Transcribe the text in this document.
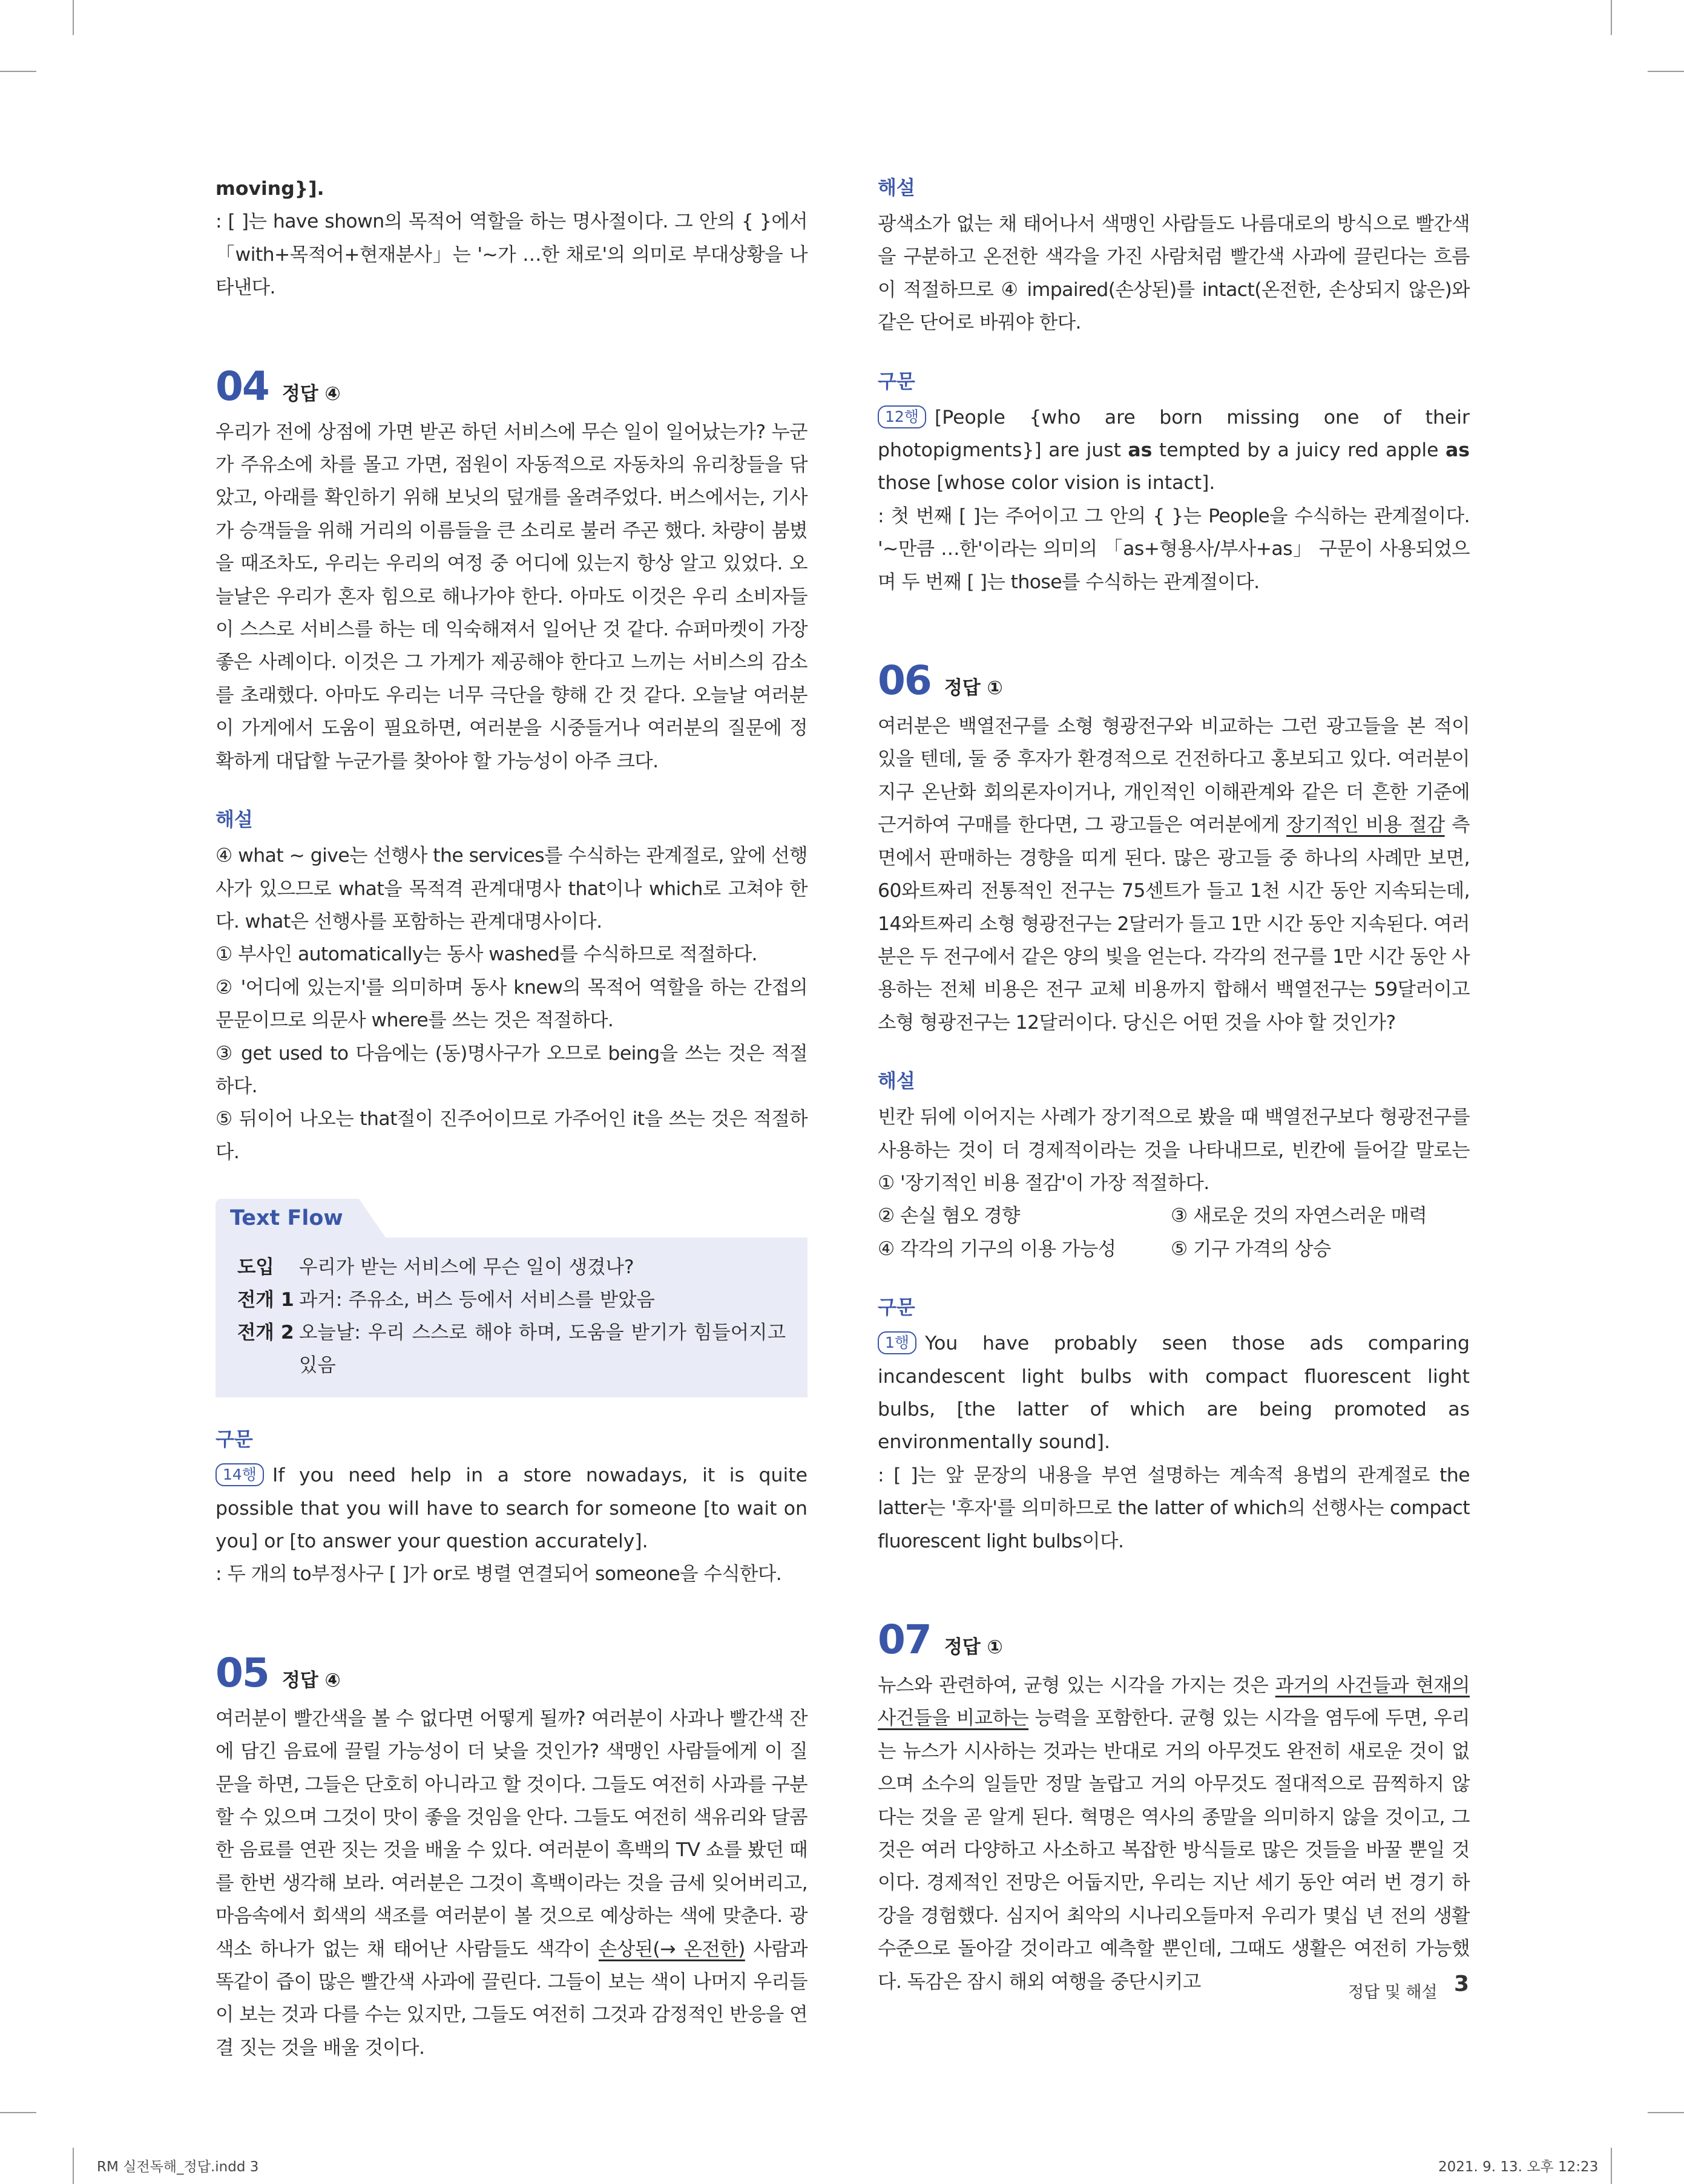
moving}].

: [ ]는 have shown의 목적어 역할을 하는 명사절이다. 그 안의 { }에서 「with+목적어+현재분사」는 '~가 …한 채로'의 의미로 부대상황을 나타낸다.

04 정답 ④

우리가 전에 상점에 가면 받곤 하던 서비스에 무슨 일이 일어났는가? 누군가 주유소에 차를 몰고 가면, 점원이 자동적으로 자동차의 유리창들을 닦았고, 아래를 확인하기 위해 보닛의 덮개를 올려주었다. 버스에서는, 기사가 승객들을 위해 거리의 이름들을 큰 소리로 불러 주곤 했다. 차량이 붐볐을 때조차도, 우리는 우리의 여정 중 어디에 있는지 항상 알고 있었다. 오늘날은 우리가 혼자 힘으로 해나가야 한다. 아마도 이것은 우리 소비자들이 스스로 서비스를 하는 데 익숙해져서 일어난 것 같다. 슈퍼마켓이 가장 좋은 사례이다. 이것은 그 가게가 제공해야 한다고 느끼는 서비스의 감소를 초래했다. 아마도 우리는 너무 극단을 향해 간 것 같다. 오늘날 여러분이 가게에서 도움이 필요하면, 여러분을 시중들거나 여러분의 질문에 정확하게 대답할 누군가를 찾아야 할 가능성이 아주 크다.

해설

④ what ~ give는 선행사 the services를 수식하는 관계절로, 앞에 선행사가 있으므로 what을 목적격 관계대명사 that이나 which로 고쳐야 한다. what은 선행사를 포함하는 관계대명사이다.

① 부사인 automatically는 동사 washed를 수식하므로 적절하다.

② '어디에 있는지'를 의미하며 동사 knew의 목적어 역할을 하는 간접의문문이므로 의문사 where를 쓰는 것은 적절하다.

③ get used to 다음에는 (동)명사구가 오므로 being을 쓰는 것은 적절하다.

⑤ 뒤이어 나오는 that절이 진주어이므로 가주어인 it을 쓰는 것은 적절하다.

Text Flow
도입	우리가 받는 서비스에 무슨 일이 생겼나?
전개 1 과거: 주유소, 버스 등에서 서비스를 받았음
전개 2 오늘날: 우리 스스로 해야 하며, 도움을 받기가 힘들어지고 있음
구문

14행 If you need help in a store nowadays, it is quite possible that you will have to search for someone [to wait on you] or [to answer your question accurately].

: 두 개의 to부정사구 [ ]가 or로 병렬 연결되어 someone을 수식한다.

05 정답 ④

여러분이 빨간색을 볼 수 없다면 어떻게 될까? 여러분이 사과나 빨간색 잔에 담긴 음료에 끌릴 가능성이 더 낮을 것인가? 색맹인 사람들에게 이 질문을 하면, 그들은 단호히 아니라고 할 것이다. 그들도 여전히 사과를 구분할 수 있으며 그것이 맛이 좋을 것임을 안다. 그들도 여전히 색유리와 달콤한 음료를 연관 짓는 것을 배울 수 있다. 여러분이 흑백의 TV 쇼를 봤던 때를 한번 생각해 보라. 여러분은 그것이 흑백이라는 것을 금세 잊어버리고, 마음속에서 회색의 색조를 여러분이 볼 것으로 예상하는 색에 맞춘다. 광색소 하나가 없는 채 태어난 사람들도 색각이 손상된(→ 온전한) 사람과 똑같이 즙이 많은 빨간색 사과에 끌린다. 그들이 보는 색이 나머지 우리들이 보는 것과 다를 수는 있지만, 그들도 여전히 그것과 감정적인 반응을 연결 짓는 것을 배울 것이다.

해설

광색소가 없는 채 태어나서 색맹인 사람들도 나름대로의 방식으로 빨간색을 구분하고 온전한 색각을 가진 사람처럼 빨간색 사과에 끌린다는 흐름이 적절하므로 ④ impaired(손상된)를 intact(온전한, 손상되지 않은)와 같은 단어로 바꿔야 한다.

구문

12행 [People {who are born missing one of their photopigments}] are just as tempted by a juicy red apple as those [whose color vision is intact].

: 첫 번째 [ ]는 주어이고 그 안의 { }는 People을 수식하는 관계절이다. '~만큼 …한'이라는 의미의 「as+형용사/부사+as」 구문이 사용되었으며 두 번째 [ ]는 those를 수식하는 관계절이다.

06 정답 ①

여러분은 백열전구를 소형 형광전구와 비교하는 그런 광고들을 본 적이 있을 텐데, 둘 중 후자가 환경적으로 건전하다고 홍보되고 있다. 여러분이 지구 온난화 회의론자이거나, 개인적인 이해관계와 같은 더 흔한 기준에 근거하여 구매를 한다면, 그 광고들은 여러분에게 장기적인 비용 절감 측면에서 판매하는 경향을 띠게 된다. 많은 광고들 중 하나의 사례만 보면, 60와트짜리 전통적인 전구는 75센트가 들고 1천 시간 동안 지속되는데, 14와트짜리 소형 형광전구는 2달러가 들고 1만 시간 동안 지속된다. 여러분은 두 전구에서 같은 양의 빛을 얻는다. 각각의 전구를 1만 시간 동안 사용하는 전체 비용은 전구 교체 비용까지 합해서 백열전구는 59달러이고 소형 형광전구는 12달러이다. 당신은 어떤 것을 사야 할 것인가?

해설

빈칸 뒤에 이어지는 사례가 장기적으로 봤을 때 백열전구보다 형광전구를 사용하는 것이 더 경제적이라는 것을 나타내므로, 빈칸에 들어갈 말로는 ① '장기적인 비용 절감'이 가장 적절하다.

② 손실 혐오 경향	③ 새로운 것의 자연스러운 매력
④ 각각의 기구의 이용 가능성	⑤ 기구 가격의 상승
구문

1행 You have probably seen those ads comparing incandescent light bulbs with compact fluorescent light bulbs, [the latter of which are being promoted as environmentally sound].

: [ ]는 앞 문장의 내용을 부연 설명하는 계속적 용법의 관계절로 the latter는 '후자'를 의미하므로 the latter of which의 선행사는 compact fluorescent light bulbs이다.

07 정답 ①

뉴스와 관련하여, 균형 있는 시각을 가지는 것은 과거의 사건들과 현재의 사건들을 비교하는 능력을 포함한다. 균형 있는 시각을 염두에 두면, 우리는 뉴스가 시사하는 것과는 반대로 거의 아무것도 완전히 새로운 것이 없으며 소수의 일들만 정말 놀랍고 거의 아무것도 절대적으로 끔찍하지 않다는 것을 곧 알게 된다. 혁명은 역사의 종말을 의미하지 않을 것이고, 그것은 여러 다양하고 사소하고 복잡한 방식들로 많은 것들을 바꿀 뿐일 것이다. 경제적인 전망은 어둡지만, 우리는 지난 세기 동안 여러 번 경기 하강을 경험했다. 심지어 최악의 시나리오들마저 우리가 몇십 년 전의 생활수준으로 돌아갈 것이라고 예측할 뿐인데, 그때도 생활은 여전히 가능했다. 독감은 잠시 해외 여행을 중단시키고	정답 및 해설 3
RM 실전독해_정답.indd 3	2021. 9. 13. 오후 12:23
